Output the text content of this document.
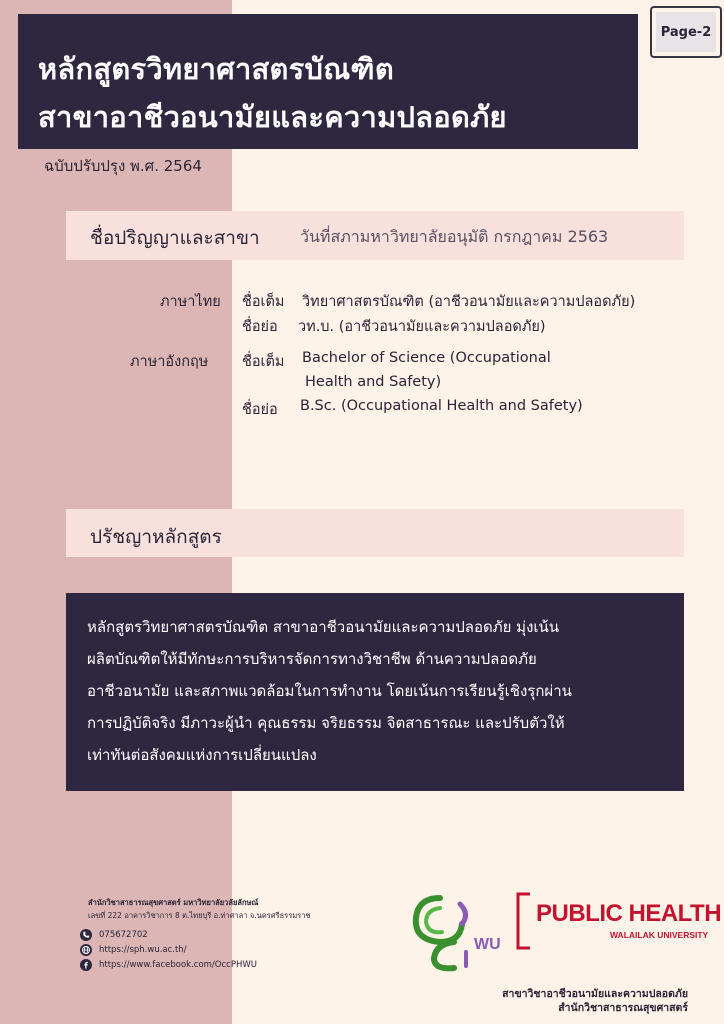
หลักสูตรวิทยาศาสตรบัณฑิต
สาขาอาชีวอนามัยและความปลอดภัย
Page-2
ฉบับปรับปรุง พ.ศ. 2564
ชื่อปริญญาและสาขา	วันที่สภามหาวิทยาลัยอนุมัติ กรกฎาคม 2563
ภาษาไทย ชื่อเต็ม วิทยาศาสตรบัณฑิต (อาชีวอนามัยและความปลอดภัย)
ชื่อย่อ วท.บ. (อาชีวอนามัยและความปลอดภัย)
ภาษาอังกฤษ ชื่อเต็ม Bachelor of Science (Occupational
Health and Safety)
ชื่อย่อ B.Sc. (Occupational Health and Safety)
ปรัชญาหลักสูตร
หลักสูตรวิทยาศาสตรบัณฑิต สาขาอาชีวอนามัยและความปลอดภัย มุ่งเน้น
ผลิตบัณฑิตให้มีทักษะการบริหารจัดการทางวิชาชีพ ด้านความปลอดภัย
อาชีวอนามัย และสภาพแวดล้อมในการทำงาน โดยเน้นการเรียนรู้เชิงรุกผ่าน
การปฏิบัติจริง มีภาวะผู้นำ คุณธรรม จริยธรรม จิตสาธารณะ และปรับตัวให้
เท่าทันต่อสังคมแห่งการเปลี่ยนแปลง
สำนักวิชาสาธารณสุขศาสตร์ มหาวิทยาลัยวลัยลักษณ์
เลขที่ 222 อาคารวิชาการ 8 ต.ไทยบุรี อ.ท่าศาลา จ.นครศรีธรรมราช
075672702
https://sph.wu.ac.th/
https://www.facebook.com/OccPHWU
WU
PUBLIC HEALTH
WALAILAK UNIVERSITY
สาขาวิชาอาชีวอนามัยและความปลอดภัย
สำนักวิชาสาธารณสุขศาสตร์
